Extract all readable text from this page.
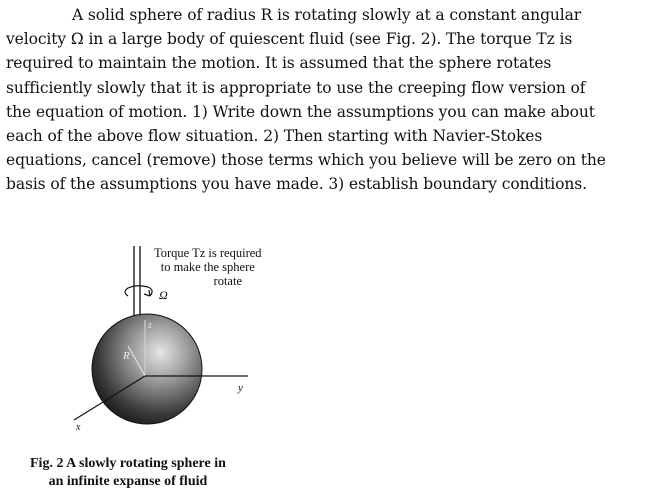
A solid sphere of radius R is rotating slowly at a constant angular
velocity Ω in a large body of quiescent fluid (see Fig. 2). The torque Tz is
required to maintain the motion. It is assumed that the sphere rotates
sufficiently slowly that it is appropriate to use the creeping flow version of
the equation of motion. 1) Write down the assumptions you can make about
each of the above flow situation. 2) Then starting with Navier-Stokes
equations, cancel (remove) those terms which you believe will be zero on the
basis of the assumptions you have made. 3) establish boundary conditions.
z
R
y
x
Ω
Torque Tz is required
to make the sphere
rotate
Fig. 2 A slowly rotating sphere in
an infinite expanse of fluid
